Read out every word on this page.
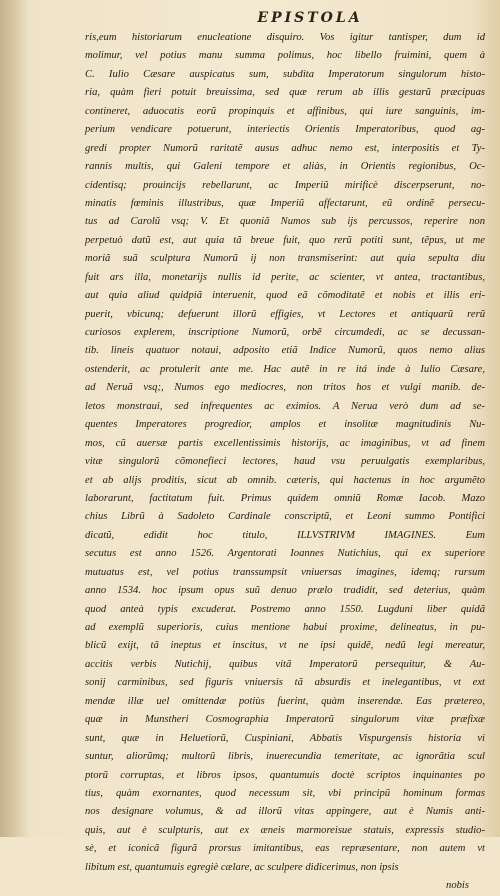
EPISTOLA
ris,eum historiarum enucleatione disquiro. Vos igitur tantisper, dum id
molimur, vel potius manu summa polimus, hoc libello fruimini, quem à
C. Iulio Cæsare auspicatus sum, subdita Imperatorum singulorum histo-
ria, quàm fieri potuit breuissima, sed quæ rerum ab illis gestarũ præcipuas
contineret, aduocatis eorũ propinquis et affinibus, qui iure sanguinis, im-
perium vendicare potuerunt, interiectis Orientis Imperatoribus, quod ag-
gredi propter Numorũ raritatẽ ausus adhuc nemo est, interpositis et Ty-
rannis multis, qui Galeni tempore et aliàs, in Orientis regionibus, Oc-
cidentisq; prouincijs rebellarunt, ac Imperiũ mirificè discerpserunt, no-
minatis fœminis illustribus, quæ Imperiũ affectarunt, eũ ordinẽ persecu-
tus ad Carolũ vsq; V. Et quoniã Numos sub ijs percussos, reperire non
perpetuò datũ est, aut quia tã breue fuit, quo rerũ potiti sunt, tẽpus, ut me
moriã suã sculptura Numorũ ij non transmiserint: aut quia sepulta diu
fuit ars illa, monetarijs nullis id perite, ac scienter, vt antea, tractantibus,
aut quia aliud quidpiã interuenit, quod eã cõmoditatẽ et nobis et illis eri-
puerit, vbicunq; defuerunt illorũ effigies, vt Lectores et antiquarũ rerũ
curiosos explerem, inscriptione Numorũ, orbẽ circumdedi, ac se decussan-
tib. lineis quatuor notaui, adposito etiã Indice Numorũ, quos nemo alius
ostenderit, ac protulerit ante me. Hac autẽ in re itá inde à Iulio Cæsare,
ad Neruã vsq;, Numos ego mediocres, non tritos hos et vulgi manib. de-
letos monstraui, sed infrequentes ac eximios. A Nerua verò dum ad se-
quentes Imperatores progredior, amplos et insolitæ magnitudinis Nu-
mos, cũ auersæ partis excellentissimis historijs, ac imaginibus, vt ad finem
vitæ singulorũ cõmonefieci lectores, haud vsu peruulgatis exemplaribus,
et ab alijs proditis, sicut ab omnib. cæteris, qui hactenus in hoc argumẽto
laborarunt, factitatum fuit. Primus quidem omniũ Romæ Iacob. Mazo
chius Librũ à Sadoleto Cardinale conscriptũ, et Leoni summo Pontifici
dicatũ, edidit hoc titulo, ILLVSTRIVM IMAGINES. Eum
secutus est anno 1526. Argentorati Ioannes Nutichius, qui ex superiore
mutuatus est, vel potius transsumpsit vniuersas imagines, idemq; rursum
anno 1534. hoc ipsum opus suũ denuo prælo tradidit, sed deterius, quàm
quod anteà typis excuderat. Postremo anno 1550. Lugduni liber quidã
ad exemplũ superioris, cuius mentione habui proxime, delineatus, in pu-
blicũ exijt, tã ineptus et inscitus, vt ne ipsi quidẽ, nedũ legi mereatur,
accitis verbis Nutichij, quibus vitã Imperatorũ persequitur, & Au-
sonij carminibus, sed figuris vniuersis tã absurdis et inelegantibus, vt ext
mendæ illæ uel omittendæ potiùs fuerint, quàm inserendæ. Eas prætereo,
quæ in Munstheri Cosmographia Imperatorũ singulorum vitæ præfixæ
sunt, quæ in Heluetiorũ, Cuspiniani, Abbatis Vispurgensis historia vi
suntur, aliorũmq; multorũ libris, inuerecundia temeritate, ac ignorãtia scul
ptorũ corruptas, et libros ipsos, quantumuis doctè scriptos inquinantes po
tius, quàm exornantes, quod necessum sit, vbi principũ hominum formas
nos designare volumus, & ad illorũ vitas appingere, aut è Numis anti-
quis, aut è sculpturis, aut ex æneis marmoreisue statuis, expressis studio-
sè, et iconicã figurã prorsus imitantibus, eas repræsentare, non autem vt
libitum est, quantumuis egregiè cælare, ac sculpere didicerimus, non ipsis
nobis
